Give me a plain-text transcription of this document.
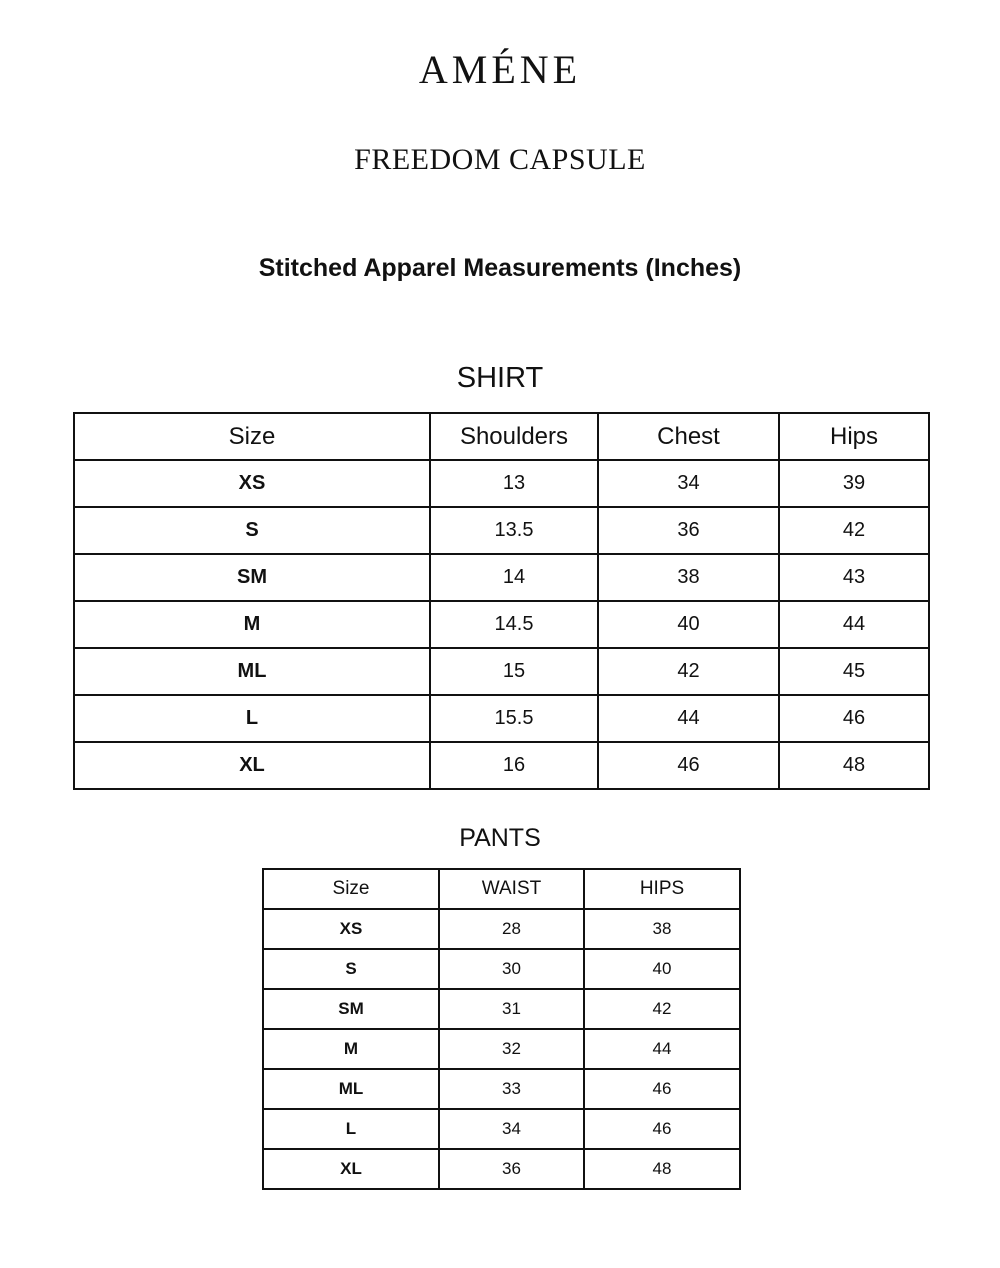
AMÉNE
FREEDOM CAPSULE
Stitched Apparel Measurements (Inches)
SHIRT
Size	Shoulders	Chest	Hips
XS	13	34	39
S	13.5	36	42
SM	14	38	43
M	14.5	40	44
ML	15	42	45
L	15.5	44	46
XL	16	46	48
PANTS
Size	WAIST	HIPS
XS	28	38
S	30	40
SM	31	42
M	32	44
ML	33	46
L	34	46
XL	36	48
